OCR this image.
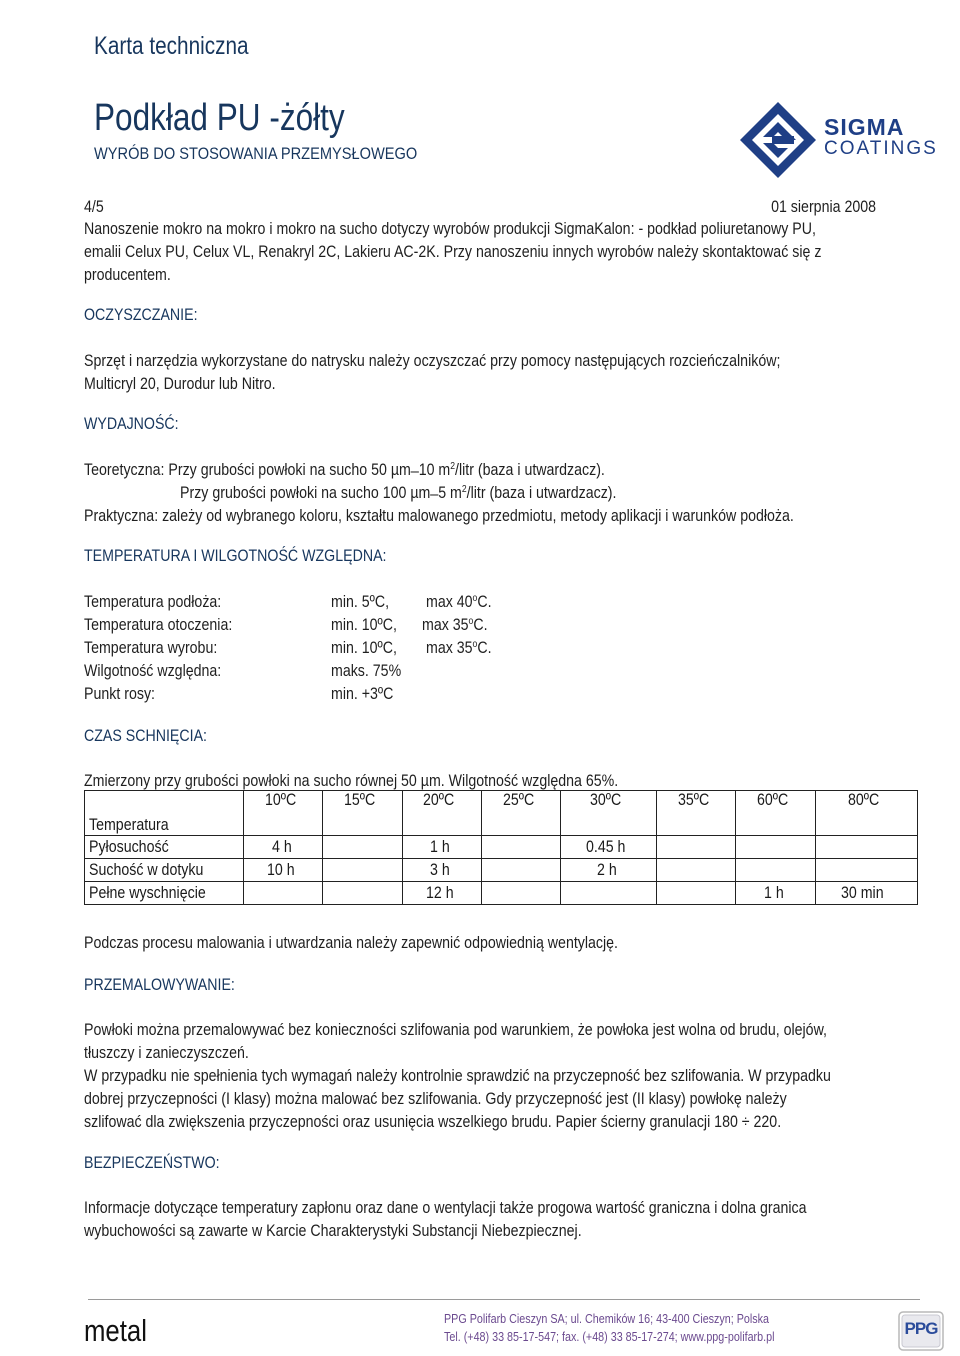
Karta techniczna
Podkład PU -żółty
WYRÓB DO STOSOWANIA PRZEMYSŁOWEGO
SIGMA
COATINGS
4/5	01 sierpnia 2008
Nanoszenie mokro na mokro i mokro na sucho dotyczy wyrobów produkcji SigmaKalon: - podkład poliuretanowy PU,
emalii Celux PU, Celux VL, Renakryl 2C, Lakieru AC-2K. Przy nanoszeniu innych wyrobów należy skontaktować się z
producentem.
OCZYSZCZANIE:
Sprzęt i narzędzia wykorzystane do natrysku należy oczyszczać przy pomocy następujących rozcieńczalników;
Multicryl 20, Durodur lub Nitro.
WYDAJNOŚĆ:
Teoretyczna: Przy grubości powłoki na sucho 50 µm ̶ 10 $m^2$/litr (baza i utwardzacz).
Przy grubości powłoki na sucho 100 µm ̶ 5 $m^2$/litr (baza i utwardzacz).
Praktyczna: zależy od wybranego koloru, kształtu malowanego przedmiotu, metody aplikacji i warunków podłoża.
TEMPERATURA I WILGOTNOŚĆ WZGLĘDNA:
Temperatura podłoża:	min. 5ºC, max 40$^o$C.
Temperatura otoczenia:	min. 10ºC, max 35$^o$C.
Temperatura wyrobu:	min. 10ºC, max 35$^o$C.
Wilgotność względna:	maks. 75%
Punkt rosy:	min. +3ºC
CZAS SCHNIĘCIA:
Zmierzony przy grubości powłoki na sucho równej 50 µm. Wilgotność względna 65%.
Temperatura	10ºC	15ºC	20ºC	25ºC	30ºC	35ºC	60ºC	80ºC
Pyłosuchość	4 h		1 h		0.45 h			
Suchość w dotyku	10 h		3 h		2 h			
Pełne wyschnięcie			12 h				1 h	30 min
Podczas procesu malowania i utwardzania należy zapewnić odpowiednią wentylację.
PRZEMALOWYWANIE:
Powłoki można przemalowywać bez konieczności szlifowania pod warunkiem, że powłoka jest wolna od brudu, olejów,
tłuszczy i zanieczyszczeń.
W przypadku nie spełnienia tych wymagań należy kontrolnie sprawdzić na przyczepność bez szlifowania. W przypadku
dobrej przyczepności (I klasy) można malować bez szlifowania. Gdy przyczepność jest (II klasy) powłokę należy
szlifować dla zwiększenia przyczepności oraz usunięcia wszelkiego brudu. Papier ścierny granulacji 180 ÷ 220.
BEZPIECZEŃSTWO:
Informacje dotyczące temperatury zapłonu oraz dane o wentylacji także progowa wartość graniczna i dolna granica
wybuchowości są zawarte w Karcie Charakterystyki Substancji Niebezpiecznej.
metal	PPG Polifarb Cieszyn SA; ul. Chemików 16; 43-400 Cieszyn; Polska
Tel. (+48) 33 85-17-547; fax. (+48) 33 85-17-274; www.ppg-polifarb.pl	PPG
